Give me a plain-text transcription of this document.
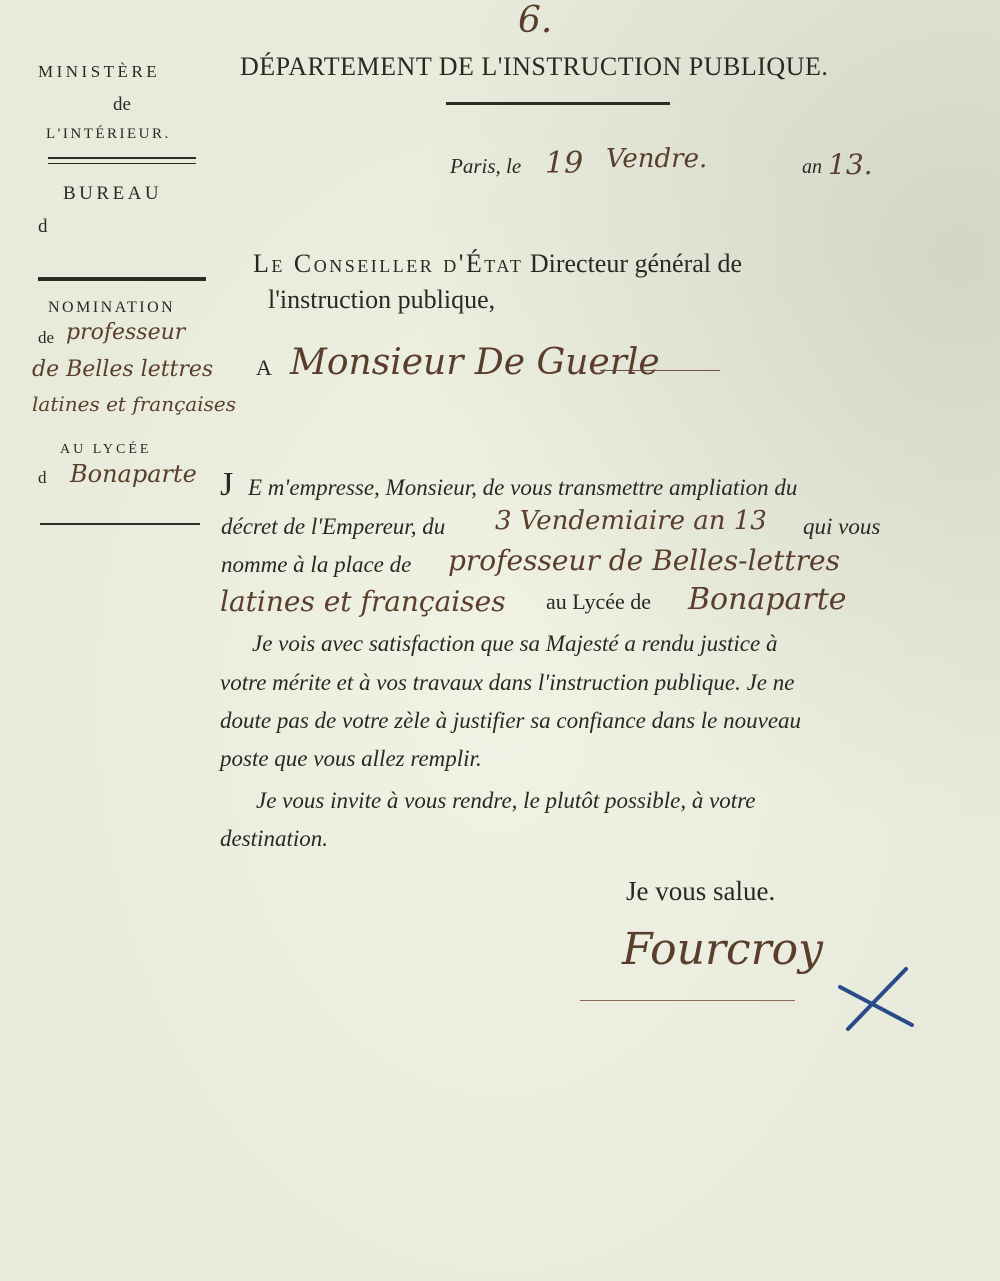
6.
MINISTÈRE
de
L'INTÉRIEUR.
BUREAU
d
NOMINATION
de professeur
de Belles lettres
latines et françaises
AU LYCÉE
d Bonaparte
DÉPARTEMENT DE L'INSTRUCTION PUBLIQUE.
Paris, le 19 Vendre.	an 13.
Le Conseiller d'État Directeur général de
l'instruction publique,
A Monsieur De Guerle
J E m'empresse, Monsieur, de vous transmettre ampliation du
décret de l'Empereur, du 3 Vendemiaire an 13 qui vous
nomme à la place de professeur de Belles-lettres
latines et françaises au Lycée de Bonaparte
Je vois avec satisfaction que sa Majesté a rendu justice à
votre mérite et à vos travaux dans l'instruction publique. Je ne
doute pas de votre zèle à justifier sa confiance dans le nouveau
poste que vous allez remplir.
Je vous invite à vous rendre, le plutôt possible, à votre
destination.
Je vous salue.
Fourcroy
